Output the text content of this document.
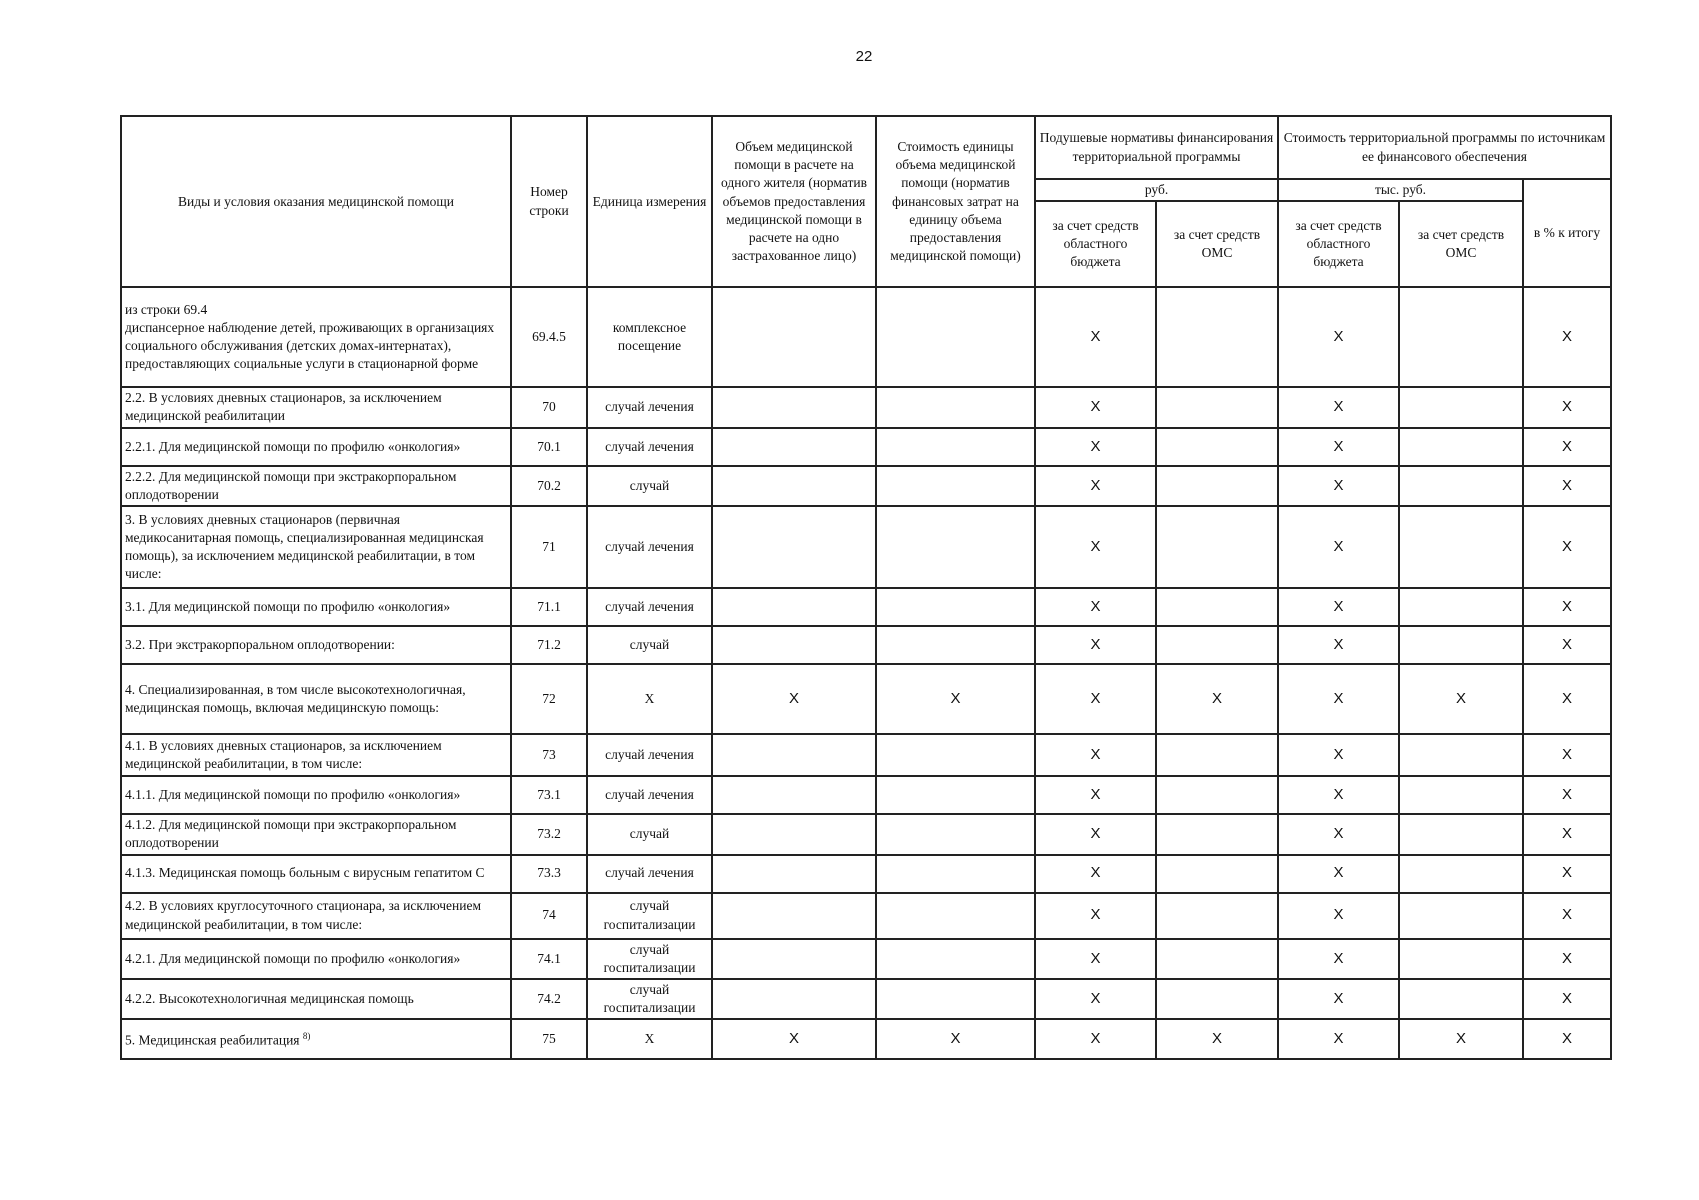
22
Виды и условия оказания медицинской помощи	Номер строки	Единица измерения	Объем медицинской помощи в расчете на одного жителя (норматив объемов предоставления медицинской помощи в расчете на одно застрахованное лицо)	Стоимость единицы объема медицинской помощи (норматив финансовых затрат на единицу объема предоставления медицинской помощи)	Подушевые нормативы финансирования территориальной программы		Стоимость территориальной программы по источникам ее финансового обеспечения		
					руб.		тыс. руб.		в % к итогу
					за счет средств областного бюджета	за счет средств ОМС	за счет средств областного бюджета	за счет средств ОМС	
из строки 69.4
диспансерное наблюдение детей, проживающих в организациях социального обслуживания (детских домах-интернатах), предоставляющих социальные услуги в стационарной форме	69.4.5	комплексное посещение			X		X		X
2.2. В условиях дневных стационаров, за исключением медицинской реабилитации	70	случай лечения			X		X		X
2.2.1. Для медицинской помощи по профилю «онкология»	70.1	случай лечения			X		X		X
2.2.2. Для медицинской помощи при экстракорпоральном оплодотворении	70.2	случай			X		X		X
3. В условиях дневных стационаров (первичная медикосанитарная помощь, специализированная медицинская помощь), за исключением медицинской реабилитации, в том числе:	71	случай лечения			X		X		X
3.1. Для медицинской помощи по профилю «онкология»	71.1	случай лечения			X		X		X
3.2. При экстракорпоральном оплодотворении:	71.2	случай			X		X		X
4. Специализированная, в том числе высокотехнологичная, медицинская помощь, включая медицинскую помощь:	72	X	X	X	X	X	X	X	X
4.1. В условиях дневных стационаров, за исключением медицинской реабилитации, в том числе:	73	случай лечения			X		X		X
4.1.1. Для медицинской помощи по профилю «онкология»	73.1	случай лечения			X		X		X
4.1.2. Для медицинской помощи при экстракорпоральном оплодотворении	73.2	случай			X		X		X
4.1.3. Медицинская помощь больным с вирусным гепатитом С	73.3	случай лечения			X		X		X
4.2. В условиях круглосуточного стационара, за исключением медицинской реабилитации, в том числе:	74	случай госпитализации			X		X		X
4.2.1. Для медицинской помощи по профилю «онкология»	74.1	случай госпитализации			X		X		X
4.2.2. Высокотехнологичная медицинская помощь	74.2	случай госпитализации			X		X		X
5. Медицинская реабилитация $^{8)}$	75	X	X	X	X	X	X	X	X
